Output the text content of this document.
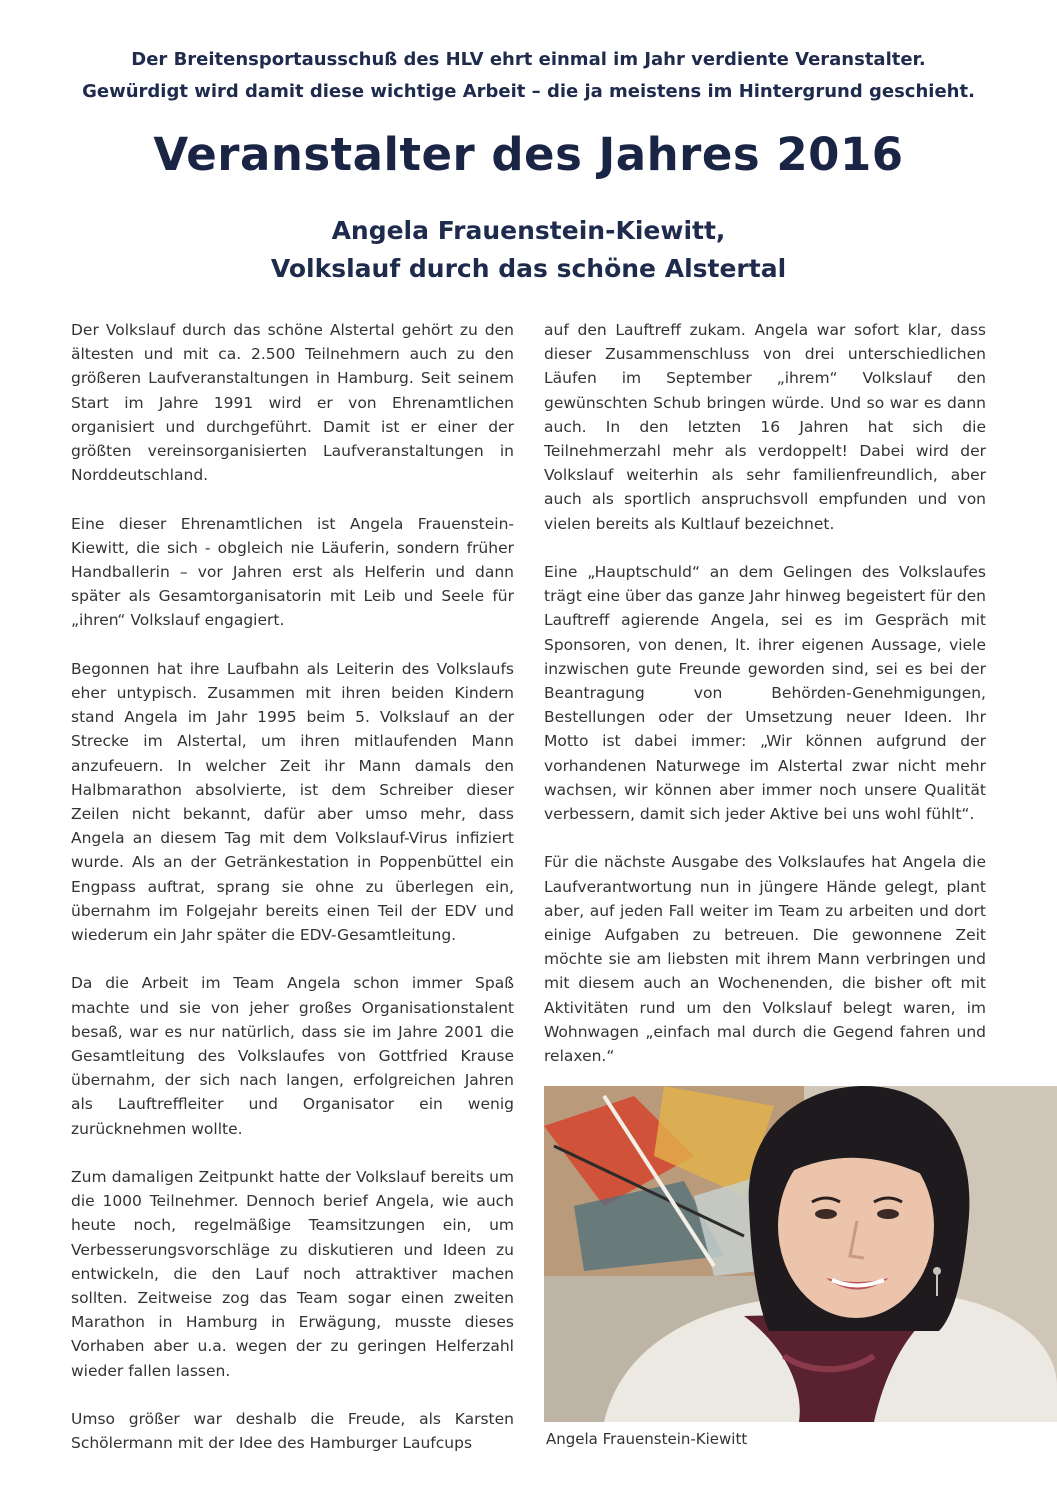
Der Breitensportausschuß des HLV ehrt einmal im Jahr verdiente Veranstalter.
Gewürdigt wird damit diese wichtige Arbeit – die ja meistens im Hintergrund geschieht.
Veranstalter des Jahres 2016
Angela Frauenstein-Kiewitt,
Volkslauf durch das schöne Alstertal

Der Volkslauf durch das schöne Alstertal gehört zu den ältesten und mit ca. 2.500 Teilnehmern auch zu den größeren Laufveranstaltungen in Hamburg. Seit seinem Start im Jahre 1991 wird er von Ehrenamtlichen organisiert und durchgeführt. Damit ist er einer der größten vereinsorganisierten Laufveranstaltungen in Norddeutschland.

Eine dieser Ehrenamtlichen ist Angela Frauenstein-Kiewitt, die sich - obgleich nie Läuferin, sondern früher Handballerin – vor Jahren erst als Helferin und dann später als Gesamtorganisatorin mit Leib und Seele für „ihren“ Volkslauf engagiert.

Begonnen hat ihre Laufbahn als Leiterin des Volkslaufs eher untypisch. Zusammen mit ihren beiden Kindern stand Angela im Jahr 1995 beim 5. Volkslauf an der Strecke im Alstertal, um ihren mitlaufenden Mann anzufeuern. In welcher Zeit ihr Mann damals den Halbmarathon absolvierte, ist dem Schreiber dieser Zeilen nicht bekannt, dafür aber umso mehr, dass Angela an diesem Tag mit dem Volkslauf-Virus infiziert wurde. Als an der Getränkestation in Poppenbüttel ein Engpass auftrat, sprang sie ohne zu überlegen ein, übernahm im Folgejahr bereits einen Teil der EDV und wiederum ein Jahr später die EDV-Gesamtleitung.

Da die Arbeit im Team Angela schon immer Spaß machte und sie von jeher großes Organisationstalent besaß, war es nur natürlich, dass sie im Jahre 2001 die Gesamtleitung des Volkslaufes von Gottfried Krause übernahm, der sich nach langen, erfolgreichen Jahren als Lauftreffleiter und Organisator ein wenig zurücknehmen wollte.

Zum damaligen Zeitpunkt hatte der Volkslauf bereits um die 1000 Teilnehmer. Dennoch berief Angela, wie auch heute noch, regelmäßige Teamsitzungen ein, um Verbesserungsvorschläge zu diskutieren und Ideen zu entwickeln, die den Lauf noch attraktiver machen sollten. Zeitweise zog das Team sogar einen zweiten Marathon in Hamburg in Erwägung, musste dieses Vorhaben aber u.a. wegen der zu geringen Helferzahl wieder fallen lassen.

Umso größer war deshalb die Freude, als Karsten Schölermann mit der Idee des Hamburger Laufcups

auf den Lauftreff zukam. Angela war sofort klar, dass dieser Zusammenschluss von drei unterschiedlichen Läufen im September „ihrem“ Volkslauf den gewünschten Schub bringen würde. Und so war es dann auch. In den letzten 16 Jahren hat sich die Teilnehmerzahl mehr als verdoppelt! Dabei wird der Volkslauf weiterhin als sehr familienfreundlich, aber auch als sportlich anspruchsvoll empfunden und von vielen bereits als Kultlauf bezeichnet.

Eine „Hauptschuld“ an dem Gelingen des Volkslaufes trägt eine über das ganze Jahr hinweg begeistert für den Lauftreff agierende Angela, sei es im Gespräch mit Sponsoren, von denen, lt. ihrer eigenen Aussage, viele inzwischen gute Freunde geworden sind, sei es bei der Beantragung von Behörden-Genehmigungen, Bestellungen oder der Umsetzung neuer Ideen. Ihr Motto ist dabei immer: „Wir können aufgrund der vorhandenen Naturwege im Alstertal zwar nicht mehr wachsen, wir können aber immer noch unsere Qualität verbessern, damit sich jeder Aktive bei uns wohl fühlt“.

Für die nächste Ausgabe des Volkslaufes hat Angela die Laufverantwortung nun in jüngere Hände gelegt, plant aber, auf jeden Fall weiter im Team zu arbeiten und dort einige Aufgaben zu betreuen. Die gewonnene Zeit möchte sie am liebsten mit ihrem Mann verbringen und mit diesem auch an Wochenenden, die bisher oft mit Aktivitäten rund um den Volkslauf belegt waren, im Wohnwagen „einfach mal durch die Gegend fahren und relaxen.“

Angela Frauenstein-Kiewitt
